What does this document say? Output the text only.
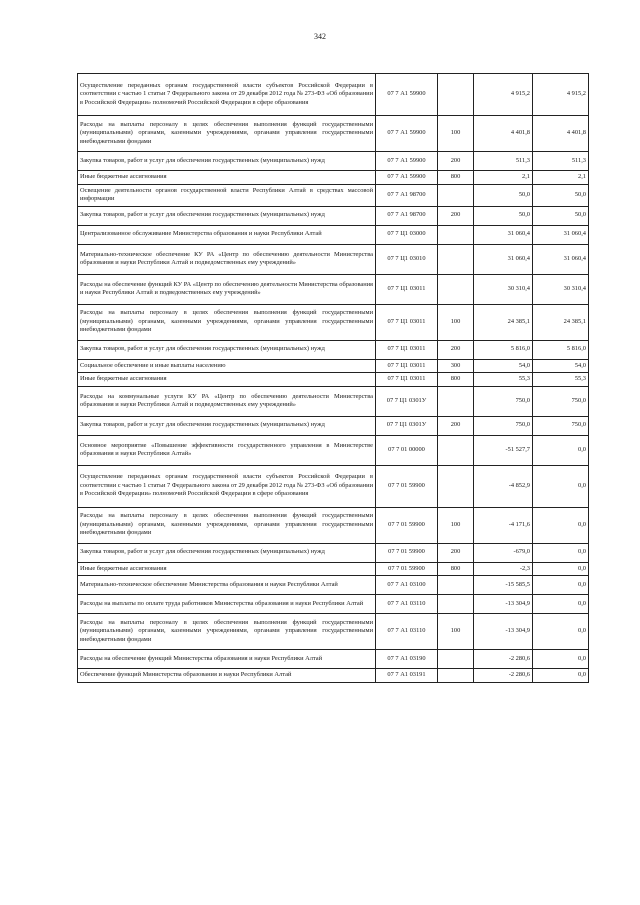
342
Осуществление переданных органам государственной власти субъектов Российской Федерации в соответствии с частью 1 статьи 7 Федерального закона от 29 декабря 2012 года № 273-ФЗ «Об образовании в Российской Федерации» полномочий Российской Федерации в сфере образования	07 7 А1 59900		4 915,2	4 915,2
Расходы на выплаты персоналу в целях обеспечения выполнения функций государственными (муниципальными) органами, казенными учреждениями, органами управления государственными внебюджетными фондами	07 7 А1 59900	100	4 401,8	4 401,8
Закупка товаров, работ и услуг для обеспечения государственных (муниципальных) нужд	07 7 А1 59900	200	511,3	511,3
Иные бюджетные ассигнования	07 7 А1 59900	800	2,1	2,1
Освещение деятельности органов государственной власти Республики Алтай в средствах массовой информации	07 7 А1 98700		50,0	50,0
Закупка товаров, работ и услуг для обеспечения государственных (муниципальных) нужд	07 7 А1 98700	200	50,0	50,0
Централизованное обслуживание Министерства образования и науки Республики Алтай	07 7 Ц1 03000		31 060,4	31 060,4
Материально-техническое обеспечение КУ РА «Центр по обеспечению деятельности Министерства образования и науки Республики Алтай и подведомственных ему учреждений»	07 7 Ц1 03010		31 060,4	31 060,4
Расходы на обеспечение функций КУ РА «Центр по обеспечению деятельности Министерства образования и науки Республики Алтай и подведомственных ему учреждений»	07 7 Ц1 03011		30 310,4	30 310,4
Расходы на выплаты персоналу в целях обеспечения выполнения функций государственными (муниципальными) органами, казенными учреждениями, органами управления государственными внебюджетными фондами	07 7 Ц1 03011	100	24 385,1	24 385,1
Закупка товаров, работ и услуг для обеспечения государственных (муниципальных) нужд	07 7 Ц1 03011	200	5 816,0	5 816,0
Социальное обеспечение и иные выплаты населению	07 7 Ц1 03011	300	54,0	54,0
Иные бюджетные ассигнования	07 7 Ц1 03011	800	55,3	55,3
Расходы на коммунальные услуги КУ РА «Центр по обеспечению деятельности Министерства образования и науки Республики Алтай и подведомственных ему учреждений»	07 7 Ц1 0301У		750,0	750,0
Закупка товаров, работ и услуг для обеспечения государственных (муниципальных) нужд	07 7 Ц1 0301У	200	750,0	750,0
Основное мероприятие «Повышение эффективности государственного управления в Министерстве образования и науки Республики Алтай»	07 7 01 00000		-51 527,7	0,0
Осуществление переданных органам государственной власти субъектов Российской Федерации в соответствии с частью 1 статьи 7 Федерального закона от 29 декабря 2012 года № 273-ФЗ «Об образовании в Российской Федерации» полномочий Российской Федерации в сфере образования	07 7 01 59900		-4 852,9	0,0
Расходы на выплаты персоналу в целях обеспечения выполнения функций государственными (муниципальными) органами, казенными учреждениями, органами управления государственными внебюджетными фондами	07 7 01 59900	100	-4 171,6	0,0
Закупка товаров, работ и услуг для обеспечения государственных (муниципальных) нужд	07 7 01 59900	200	-679,0	0,0
Иные бюджетные ассигнования	07 7 01 59900	800	-2,3	0,0
Материально-техническое обеспечение Министерства образования и науки Республики Алтай	07 7 А1 03100		-15 585,5	0,0
Расходы на выплаты по оплате труда работников Министерства образования и науки Республики Алтай	07 7 А1 03110		-13 304,9	0,0
Расходы на выплаты персоналу в целях обеспечения выполнения функций государственными (муниципальными) органами, казенными учреждениями, органами управления государственными внебюджетными фондами	07 7 А1 03110	100	-13 304,9	0,0
Расходы на обеспечение функций Министерства образования и науки Республики Алтай	07 7 А1 03190		-2 280,6	0,0
Обеспечение функций Министерства образования и науки Республики Алтай	07 7 А1 03191		-2 280,6	0,0
